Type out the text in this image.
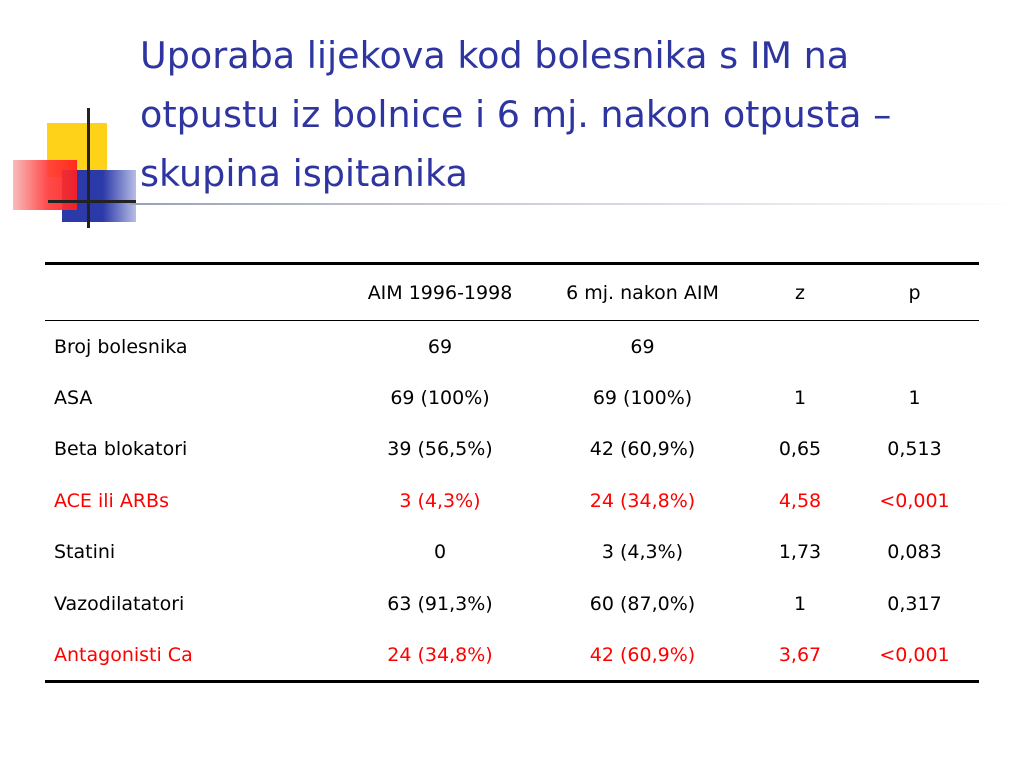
Uporaba lijekova kod bolesnika s IM na otpustu iz bolnice i 6 mj. nakon otpusta – skupina ispitanika
	AIM 1996-1998	6 mj. nakon AIM	z	p
Broj bolesnika	69	69		
ASA	69 (100%)	69 (100%)	1	1
Beta blokatori	39 (56,5%)	42 (60,9%)	0,65	0,513
ACE ili ARBs	3 (4,3%)	24 (34,8%)	4,58	<0,001
Statini	0	3 (4,3%)	1,73	0,083
Vazodilatatori	63 (91,3%)	60 (87,0%)	1	0,317
Antagonisti Ca	24 (34,8%)	42 (60,9%)	3,67	<0,001
